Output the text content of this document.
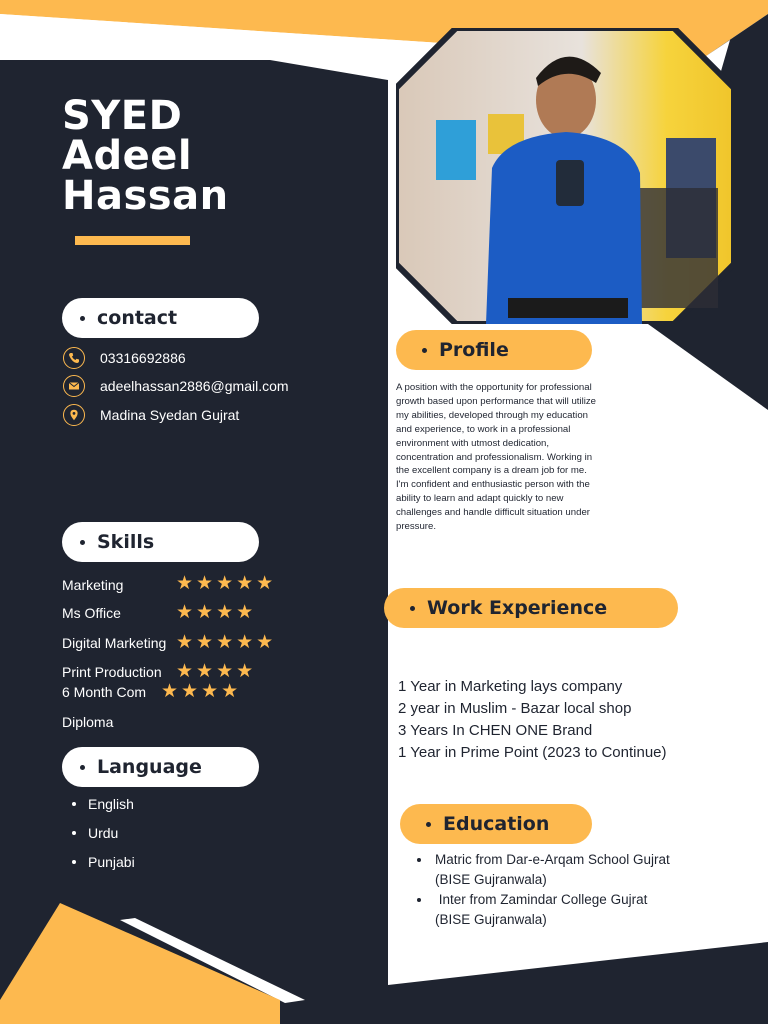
SYED
Adeel
Hassan
contact
03316692886
adeelhassan2886@gmail.com
Madina Syedan Gujrat
Skills
Marketing	★★★★★
Ms Office	★★★★
Digital Marketing ★★★★★
Print Production ★★★★
6 Month Com ★★★★
Diploma
Language
English
Urdu
Punjabi
Profile
A position with the opportunity for professional growth based upon performance that will utilize my abilities, developed through my education and experience, to work in a professional environment with utmost dedication, concentration and professionalism. Working in the excellent company is a dream job for me. I'm confident and enthusiastic person with the ability to learn and adapt quickly to new challenges and handle difficult situation under pressure.
Work Experience
1 Year in Marketing lays company
2 year in Muslim - Bazar local shop
3 Years In CHEN ONE Brand
1 Year in Prime Point (2023 to Continue)
Education
Matric from Dar-e-Arqam School Gujrat
(BISE Gujranwala)
Inter from Zamindar College Gujrat
(BISE Gujranwala)
